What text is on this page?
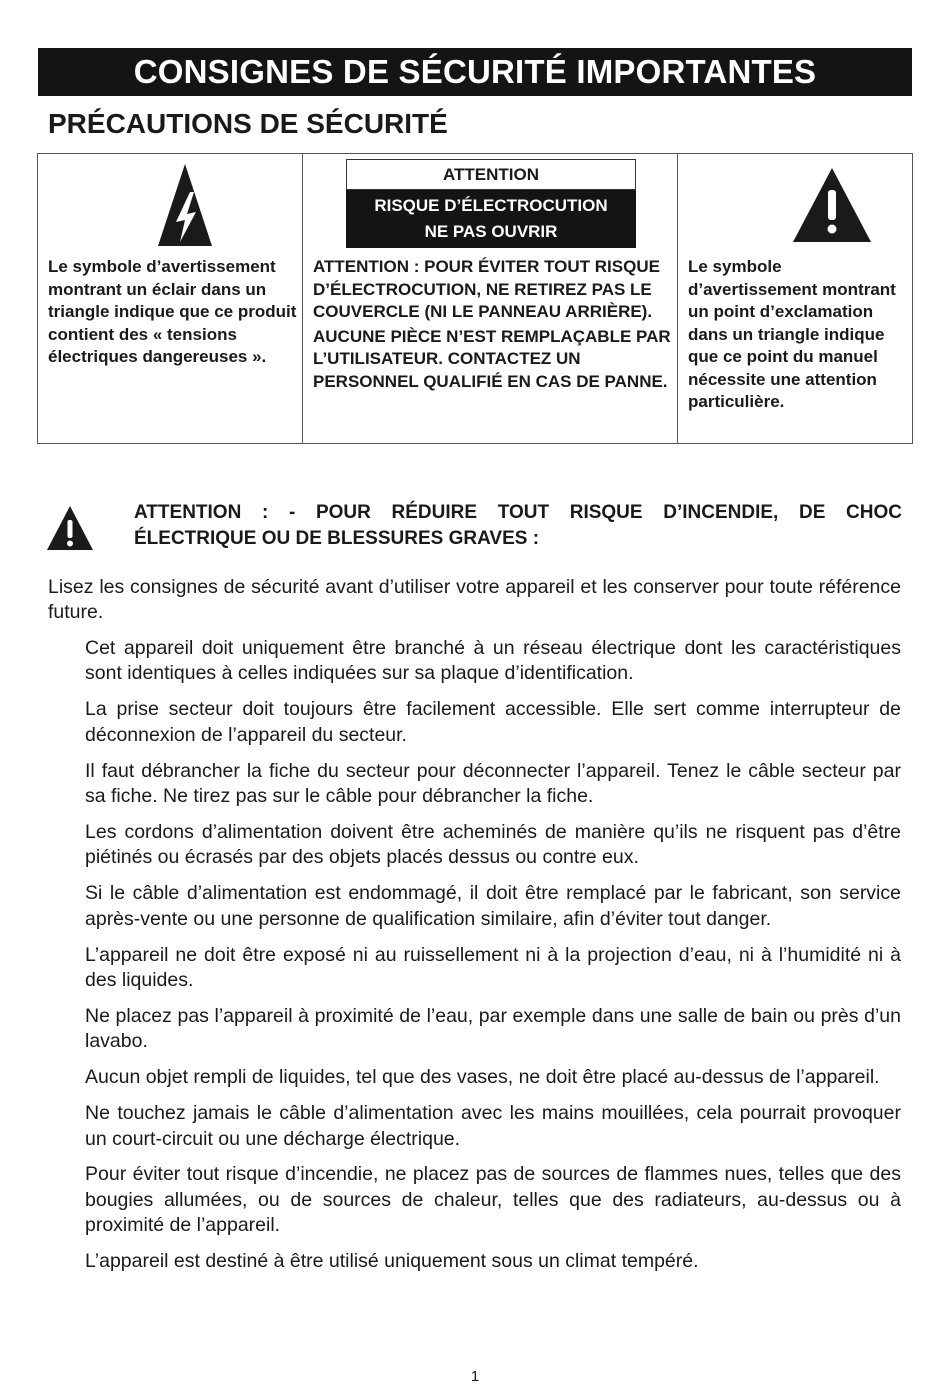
CONSIGNES DE SÉCURITÉ IMPORTANTES
PRÉCAUTIONS DE SÉCURITÉ
Le symbole d’avertissement montrant un éclair dans un triangle indique que ce produit contient des « tensions électriques dangereuses ».
ATTENTION
RISQUE D’ÉLECTROCUTION
NE PAS OUVRIR

ATTENTION : POUR ÉVITER TOUT RISQUE D’ÉLECTROCUTION, NE RETIREZ PAS LE COUVERCLE (NI LE PANNEAU ARRIÈRE).

AUCUNE PIÈCE N’EST REMPLAÇABLE PAR L’UTILISATEUR. CONTACTEZ UN PERSONNEL QUALIFIÉ EN CAS DE PANNE.

Le symbole d’avertissement montrant un point d’exclamation dans un triangle indique que ce point du manuel nécessite une attention particulière.
ATTENTION : - POUR RÉDUIRE TOUT RISQUE D’INCENDIE, DE CHOC
ÉLECTRIQUE OU DE BLESSURES GRAVES :
Lisez les consignes de sécurité avant d’utiliser votre appareil et les conserver pour toute référence future.

Cet appareil doit uniquement être branché à un réseau électrique dont les caractéristiques sont identiques à celles indiquées sur sa plaque d’identification.

La prise secteur doit toujours être facilement accessible. Elle sert comme interrupteur de déconnexion de l’appareil du secteur.

Il faut débrancher la fiche du secteur pour déconnecter l’appareil. Tenez le câble secteur par sa fiche. Ne tirez pas sur le câble pour débrancher la fiche.

Les cordons d’alimentation doivent être acheminés de manière qu’ils ne risquent pas d’être piétinés ou écrasés par des objets placés dessus ou contre eux.

Si le câble d’alimentation est endommagé, il doit être remplacé par le fabricant, son service après-vente ou une personne de qualification similaire, afin d’éviter tout danger.

L’appareil ne doit être exposé ni au ruissellement ni à la projection d’eau, ni à l’humidité ni à des liquides.

Ne placez pas l’appareil à proximité de l’eau, par exemple dans une salle de bain ou près d’un lavabo.

Aucun objet rempli de liquides, tel que des vases, ne doit être placé au-dessus de l’appareil.

Ne touchez jamais le câble d’alimentation avec les mains mouillées, cela pourrait provoquer un court-circuit ou une décharge électrique.

Pour éviter tout risque d’incendie, ne placez pas de sources de flammes nues, telles que des bougies allumées, ou de sources de chaleur, telles que des radiateurs, au-dessus ou à proximité de l’appareil.

L’appareil est destiné à être utilisé uniquement sous un climat tempéré.

1
